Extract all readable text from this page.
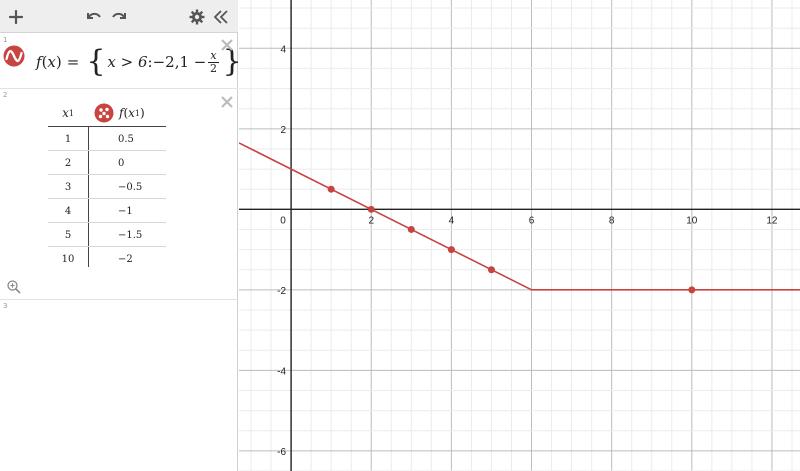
1
f ( x ) = { x > 6 : −2 , $1 - \frac{x}{2}$ }
2
x 1	f ( x 1 )
1	0.5
2	0
3	−0.5
4	−1
5	−1.5
10	−2
3
0	2	4	6	8	10	12
4
2
-2
-4
-6
